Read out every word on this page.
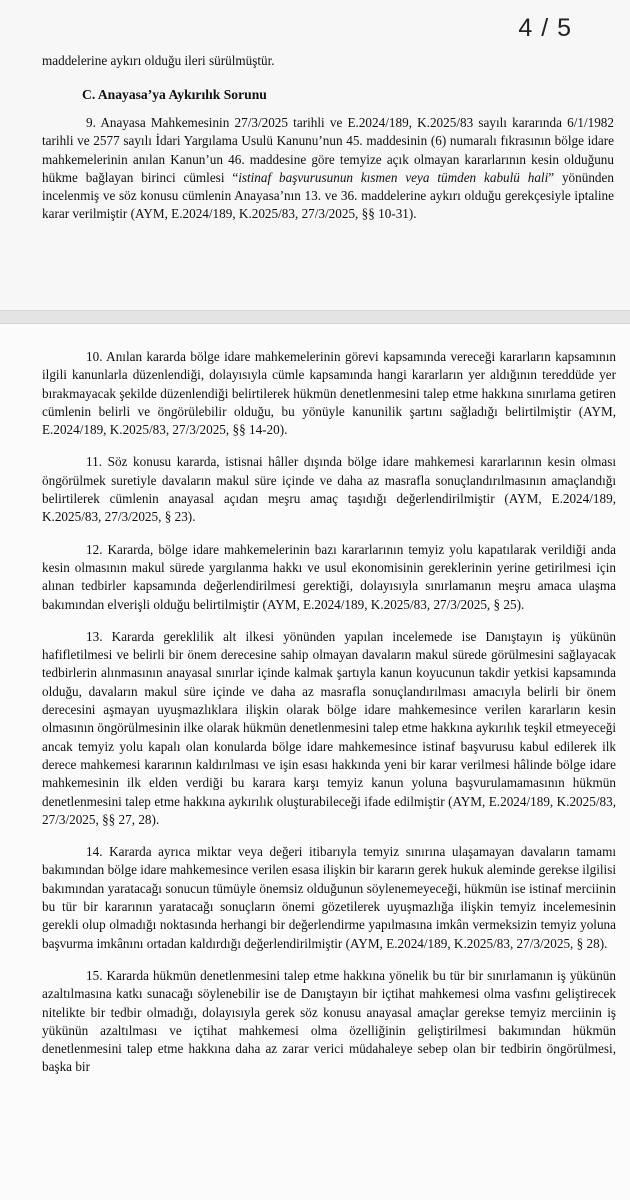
maddelerine aykırı olduğu ileri sürülmüştür.

C. Anayasa’ya Aykırılık Sorunu

9. Anayasa Mahkemesinin 27/3/2025 tarihli ve E.2024/189, K.2025/83 sayılı kararında 6/1/1982 tarihli ve 2577 sayılı İdari Yargılama Usulü Kanunu’nun 45. maddesinin (6) numaralı fıkrasının bölge idare mahkemelerinin anılan Kanun’un 46. maddesine göre temyize açık olmayan kararlarının kesin olduğunu hükme bağlayan birinci cümlesi “istinaf başvurusunun kısmen veya tümden kabulü hali” yönünden incelenmiş ve söz konusu cümlenin Anayasa’nın 13. ve 36. maddelerine aykırı olduğu gerekçesiyle iptaline karar verilmiştir (AYM, E.2024/189, K.2025/83, 27/3/2025, §§ 10-31).

4 / 5

10. Anılan kararda bölge idare mahkemelerinin görevi kapsamında vereceği kararların kapsamının ilgili kanunlarla düzenlendiği, dolayısıyla cümle kapsamında hangi kararların yer aldığının tereddüde yer bırakmayacak şekilde düzenlendiği belirtilerek hükmün denetlenmesini talep etme hakkına sınırlama getiren cümlenin belirli ve öngörülebilir olduğu, bu yönüyle kanunilik şartını sağladığı belirtilmiştir (AYM, E.2024/189, K.2025/83, 27/3/2025, §§ 14-20).

11. Söz konusu kararda, istisnai hâller dışında bölge idare mahkemesi kararlarının kesin olması öngörülmek suretiyle davaların makul süre içinde ve daha az masrafla sonuçlandırılmasının amaçlandığı belirtilerek cümlenin anayasal açıdan meşru amaç taşıdığı değerlendirilmiştir (AYM, E.2024/189, K.2025/83, 27/3/2025, § 23).

12. Kararda, bölge idare mahkemelerinin bazı kararlarının temyiz yolu kapatılarak verildiği anda kesin olmasının makul sürede yargılanma hakkı ve usul ekonomisinin gereklerinin yerine getirilmesi için alınan tedbirler kapsamında değerlendirilmesi gerektiği, dolayısıyla sınırlamanın meşru amaca ulaşma bakımından elverişli olduğu belirtilmiştir (AYM, E.2024/189, K.2025/83, 27/3/2025, § 25).

13. Kararda gereklilik alt ilkesi yönünden yapılan incelemede ise Danıştayın iş yükünün hafifletilmesi ve belirli bir önem derecesine sahip olmayan davaların makul sürede görülmesini sağlayacak tedbirlerin alınmasının anayasal sınırlar içinde kalmak şartıyla kanun koyucunun takdir yetkisi kapsamında olduğu, davaların makul süre içinde ve daha az masrafla sonuçlandırılması amacıyla belirli bir önem derecesini aşmayan uyuşmazlıklara ilişkin olarak bölge idare mahkemesince verilen kararların kesin olmasının öngörülmesinin ilke olarak hükmün denetlenmesini talep etme hakkına aykırılık teşkil etmeyeceği ancak temyiz yolu kapalı olan konularda bölge idare mahkemesince istinaf başvurusu kabul edilerek ilk derece mahkemesi kararının kaldırılması ve işin esası hakkında yeni bir karar verilmesi hâlinde bölge idare mahkemesinin ilk elden verdiği bu karara karşı temyiz kanun yoluna başvurulamamasının hükmün denetlenmesini talep etme hakkına aykırılık oluşturabileceği ifade edilmiştir (AYM, E.2024/189, K.2025/83, 27/3/2025, §§ 27, 28).

14. Kararda ayrıca miktar veya değeri itibarıyla temyiz sınırına ulaşamayan davaların tamamı bakımından bölge idare mahkemesince verilen esasa ilişkin bir kararın gerek hukuk aleminde gerekse ilgilisi bakımından yaratacağı sonucun tümüyle önemsiz olduğunun söylenemeyeceği, hükmün ise istinaf merciinin bu tür bir kararının yaratacağı sonuçların önemi gözetilerek uyuşmazlığa ilişkin temyiz incelemesinin gerekli olup olmadığı noktasında herhangi bir değerlendirme yapılmasına imkân vermeksizin temyiz yoluna başvurma imkânını ortadan kaldırdığı değerlendirilmiştir (AYM, E.2024/189, K.2025/83, 27/3/2025, § 28).

15. Kararda hükmün denetlenmesini talep etme hakkına yönelik bu tür bir sınırlamanın iş yükünün azaltılmasına katkı sunacağı söylenebilir ise de Danıştayın bir içtihat mahkemesi olma vasfını geliştirecek nitelikte bir tedbir olmadığı, dolayısıyla gerek söz konusu anayasal amaçlar gerekse temyiz merciinin iş yükünün azaltılması ve içtihat mahkemesi olma özelliğinin geliştirilmesi bakımından hükmün denetlenmesini talep etme hakkına daha az zarar verici müdahaleye sebep olan bir tedbirin öngörülmesi, başka bir
